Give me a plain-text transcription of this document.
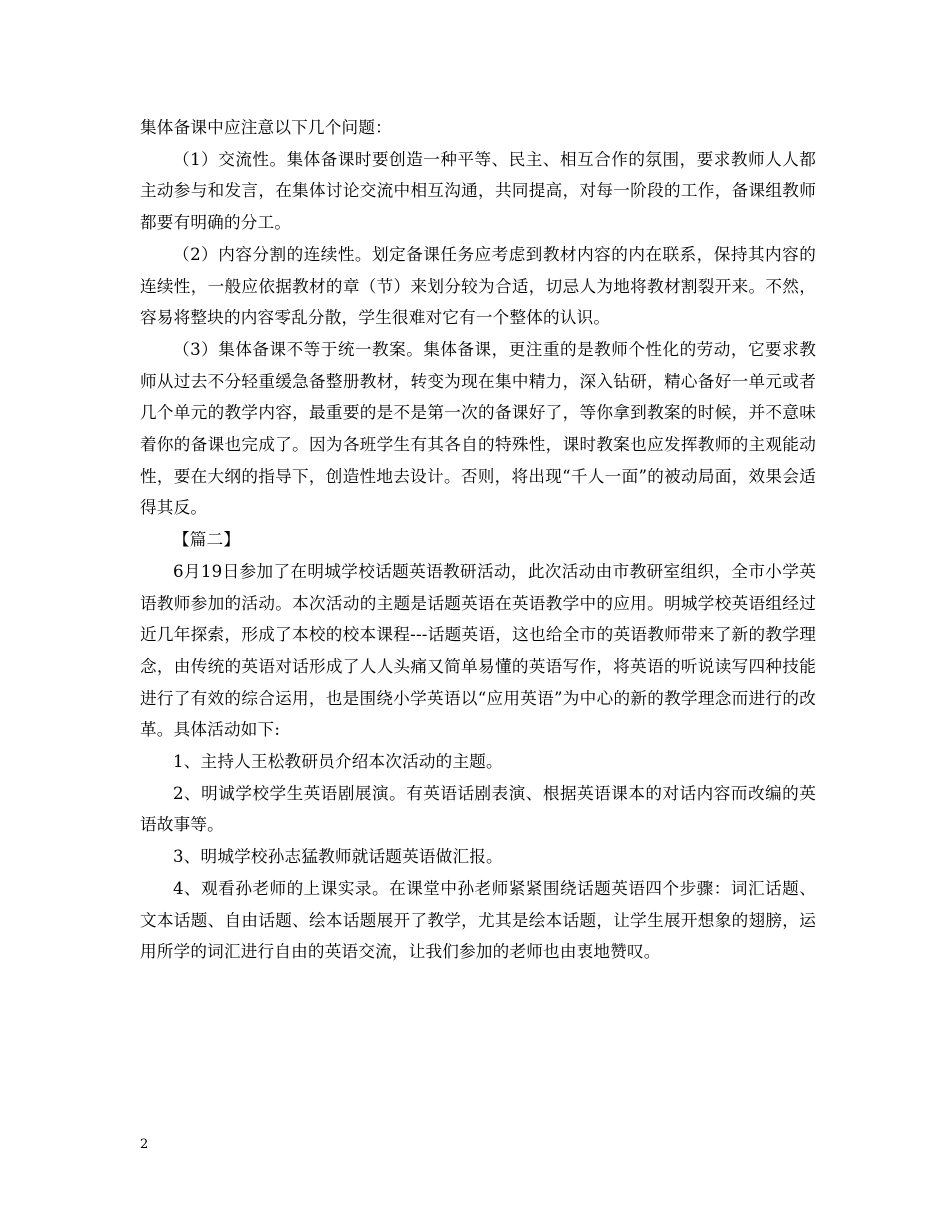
集体备课中应注意以下几个问题：

（1）交流性。集体备课时要创造一种平等、民主、相互合作的氛围，要求教师人人都主动参与和发言，在集体讨论交流中相互沟通，共同提高，对每一阶段的工作，备课组教师都要有明确的分工。

（2）内容分割的连续性。划定备课任务应考虑到教材内容的内在联系，保持其内容的连续性，一般应依据教材的章（节）来划分较为合适，切忌人为地将教材割裂开来。不然，容易将整块的内容零乱分散，学生很难对它有一个整体的认识。

（3）集体备课不等于统一教案。集体备课，更注重的是教师个性化的劳动，它要求教师从过去不分轻重缓急备整册教材，转变为现在集中精力，深入钻研，精心备好一单元或者几个单元的教学内容，最重要的是不是第一次的备课好了，等你拿到教案的时候，并不意味着你的备课也完成了。因为各班学生有其各自的特殊性，课时教案也应发挥教师的主观能动性，要在大纲的指导下，创造性地去设计。否则，将出现“千人一面”的被动局面，效果会适得其反。

【篇二】

6月19日参加了在明城学校话题英语教研活动，此次活动由市教研室组织，全市小学英语教师参加的活动。本次活动的主题是话题英语在英语教学中的应用。明城学校英语组经过近几年探索，形成了本校的校本课程---话题英语，这也给全市的英语教师带来了新的教学理念，由传统的英语对话形成了人人头痛又简单易懂的英语写作，将英语的听说读写四种技能进行了有效的综合运用，也是围绕小学英语以“应用英语”为中心的新的教学理念而进行的改革。具体活动如下:

1、主持人王松教研员介绍本次活动的主题。

2、明诚学校学生英语剧展演。有英语话剧表演、根据英语课本的对话内容而改编的英语故事等。

3、明城学校孙志猛教师就话题英语做汇报。

4、观看孙老师的上课实录。在课堂中孙老师紧紧围绕话题英语四个步骤：词汇话题、文本话题、自由话题、绘本话题展开了教学，尤其是绘本话题，让学生展开想象的翅膀，运用所学的词汇进行自由的英语交流，让我们参加的老师也由衷地赞叹。

2
